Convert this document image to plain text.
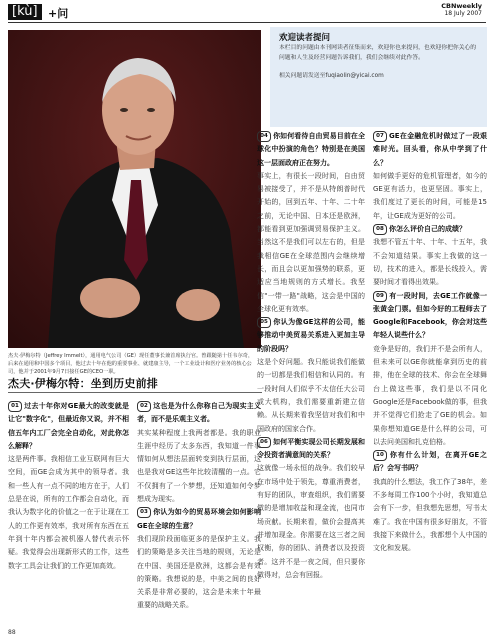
[kù] +问
CBNweekly
18 July 2007
欢迎读者提问
本栏目的问题由本刊网读者征集而来，欢迎你也来提问，也欢迎你把你关心的问题和人生及经营问题告诉我们，我们会继续对此作答。
相关问题请发送至fuqiaolin@yicai.com
杰夫·伊梅尔特（Jeffrey Immelt），通用电气公司（GE）现任董事长兼首席执行官。曾跟随第十任韦尔奇，后来在通用和中国多个项目，他过去十年在他的重要事业、就建康主导，一个工业设计和医疗业务的核心公司，他并于2001年9月7日接任GE的CEO一职。
杰夫·伊梅尔特：坐到历史前排

01 过去十年你对GE最大的改变就是让它"数字化"，但最近你又说，并不相信五年内工厂会完全自动化，对此你怎么解释？

这是两件事。我相信工业互联网有巨大空间，而GE会成为其中的领导者。我和一些人有一点不同的地方在于，人们总是在说，所有的工作都会自动化，而我认为数字化的价值之一在于让现在工人的工作更有效率，我对所有东西在五年到十年内都会被机器人替代表示怀疑。我觉得会出现新形式的工作，这些数字工具会让我们的工作更加高效。

02 这也是为什么你称自己为现实主义者，而不是乐观主义者。

其实某种程度上我两者都是。我的职业生涯中经历了太多东西，我知道一件事情如何从想法层面转变到执行层面，这也是我对GE这些年比较清醒的一点。它不仅拥有了一个梦想，还知道如何令梦想成为现实。

03 你认为如今的贸易环境会如何影响GE在全球的生意？

我们现阶段面临更多的是保护主义。我们的策略是多关注当地的规则，无论是在中国、美国还是欧洲，这都会是有效的策略。我想说的是，中美之间的良好关系是非常必要的，这会是未来十年最重要的战略关系。

04 你如何看待自由贸易目前在全球化中扮演的角色？特别是在美国这一层面政府正在努力。

事实上，有很长一段时间，自由贸易被接受了，并不是从特朗普时代开始的，回到五年、十年、二十年之前，无论中国、日本还是欧洲，都能看到更加强调贸易保护主义。当然这不是我们可以左右的，但是我相信GE在全球范围内会继续增长，而且会以更加强势的联系，更适应当地规则的方式增长。我坚信"一带一路"战略，这会是中国的全球化更有效率。

05 你认为像GE这样的公司，能够推动中美贸易关系进入更加主导的阶段吗？

这是个好问题。我只能说我们能做的一切都是我们相信和认同的。有一段时间人们似乎不太信任大公司或大机构，我们需要重新建立信赖。从长期来看我坚信对我们和中国政府的国家合作。

06 如何平衡实现公司长期发展和令投资者满意间的关系？

这就像一场永恒的战争。我们较早在市场中处于领先，尊重消费者，有好的团队，审查组织，我们需要做的是增加收益和现金流，也同市场贡献。长期来看，做价会提高其并增加现金。你需要在这三者之间权衡，你的团队、消费者以及投资者。这并不是一夜之间，但只要你做得对，总会有回报。

07 GE在金融危机时做过了一段艰难时光。回头看，你从中学到了什么？

如何做手更好的危机管理者，如今的GE更有活力，也更坚固。事实上，我们度过了更长的时间，可能是15年，让GE成为更好的公司。

08 你怎么评价自己的成绩？

我想不管五十年、十年、十五年，我不会知道结果。事实上我做的这一切，技术的进入，都是长线投入，需要时间才看得出效果。

09 有一段时间，去GE工作就像一张黄金门票。但如今好的工程师去了Google和Facebook，你会对这些年轻人说些什么？

竞争是好的，我们并不是会所有人，但未来可以GE你就能拿到历史的前排，他在全球的技术、你会在全球舞台上做这些事，我们是以不同化Google还是Facebook做的事，但我并不觉得它们抢走了GE的机会。如果你想知道GE是什么样的公司，可以去问美国和扎克伯格。

10 你有什么计划，在离开GE之后？会写书吗？

我真的什么想法，我工作了38年，差不多每周工作100个小时，我知道总会有下一步，但我想先思想，写书太难了。我在中国有很多好朋友，不管我接下来做什么，我都想个人中国的文化和发展。

88
